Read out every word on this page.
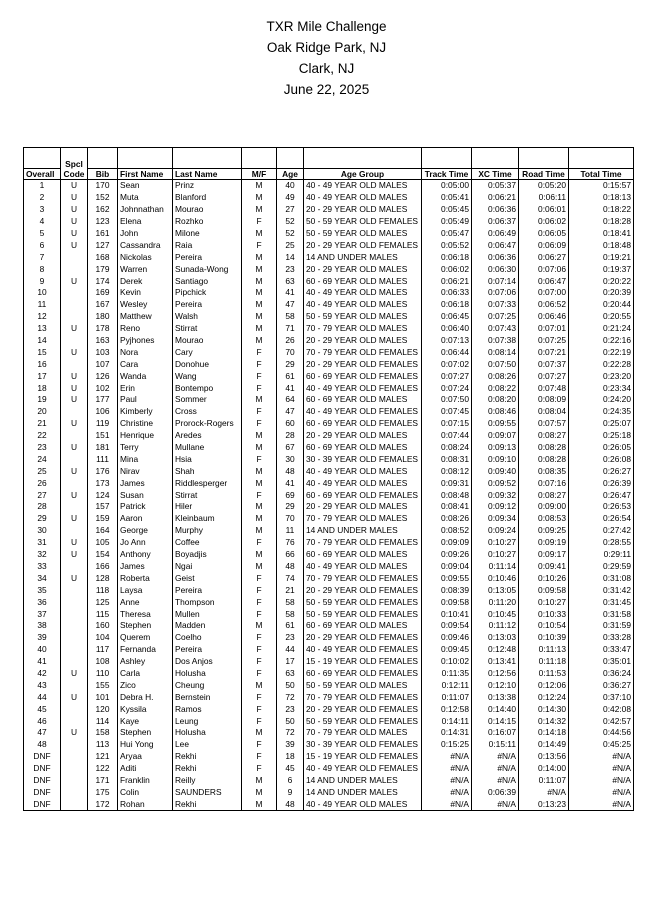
TXR Mile Challenge
Oak Ridge Park, NJ
Clark, NJ
June 22, 2025
	Spcl										
Overall	Code	Bib	First Name	Last Name	M/F	Age	Age Group	Track Time	XC Time	Road Time	Total Time
1	U	170	Sean	Prinz	M	40	40 - 49 YEAR OLD MALES	0:05:00	0:05:37	0:05:20	0:15:57
2	U	152	Muta	Blanford	M	49	40 - 49 YEAR OLD MALES	0:05:41	0:06:21	0:06:11	0:18:13
3	U	162	Johnnathan	Mourao	M	27	20 - 29 YEAR OLD MALES	0:05:45	0:06:36	0:06:01	0:18:22
4	U	123	Elena	Rozhko	F	52	50 - 59 YEAR OLD FEMALES	0:05:49	0:06:37	0:06:02	0:18:28
5	U	161	John	Milone	M	52	50 - 59 YEAR OLD MALES	0:05:47	0:06:49	0:06:05	0:18:41
6	U	127	Cassandra	Raia	F	25	20 - 29 YEAR OLD FEMALES	0:05:52	0:06:47	0:06:09	0:18:48
7		168	Nickolas	Pereira	M	14	14 AND UNDER MALES	0:06:18	0:06:36	0:06:27	0:19:21
8		179	Warren	Sunada-Wong	M	23	20 - 29 YEAR OLD MALES	0:06:02	0:06:30	0:07:06	0:19:37
9	U	174	Derek	Santiago	M	63	60 - 69 YEAR OLD MALES	0:06:21	0:07:14	0:06:47	0:20:22
10		169	Kevin	Pipchick	M	41	40 - 49 YEAR OLD MALES	0:06:33	0:07:06	0:07:00	0:20:39
11		167	Wesley	Pereira	M	47	40 - 49 YEAR OLD MALES	0:06:18	0:07:33	0:06:52	0:20:44
12		180	Matthew	Walsh	M	58	50 - 59 YEAR OLD MALES	0:06:45	0:07:25	0:06:46	0:20:55
13	U	178	Reno	Stirrat	M	71	70 - 79 YEAR OLD MALES	0:06:40	0:07:43	0:07:01	0:21:24
14		163	Pyjhones	Mourao	M	26	20 - 29 YEAR OLD MALES	0:07:13	0:07:38	0:07:25	0:22:16
15	U	103	Nora	Cary	F	70	70 - 79 YEAR OLD FEMALES	0:06:44	0:08:14	0:07:21	0:22:19
16		107	Cara	Donohue	F	29	20 - 29 YEAR OLD FEMALES	0:07:02	0:07:50	0:07:37	0:22:28
17	U	126	Wanda	Wang	F	61	60 - 69 YEAR OLD FEMALES	0:07:27	0:08:26	0:07:27	0:23:20
18	U	102	Erin	Bontempo	F	41	40 - 49 YEAR OLD FEMALES	0:07:24	0:08:22	0:07:48	0:23:34
19	U	177	Paul	Sommer	M	64	60 - 69 YEAR OLD MALES	0:07:50	0:08:20	0:08:09	0:24:20
20		106	Kimberly	Cross	F	47	40 - 49 YEAR OLD FEMALES	0:07:45	0:08:46	0:08:04	0:24:35
21	U	119	Christine	Prorock-Rogers	F	60	60 - 69 YEAR OLD FEMALES	0:07:15	0:09:55	0:07:57	0:25:07
22		151	Henrique	Aredes	M	28	20 - 29 YEAR OLD MALES	0:07:44	0:09:07	0:08:27	0:25:18
23	U	181	Terry	Mullane	M	67	60 - 69 YEAR OLD MALES	0:08:24	0:09:13	0:08:28	0:26:05
24		111	Mina	Hsia	F	30	30 - 39 YEAR OLD FEMALES	0:08:31	0:09:10	0:08:28	0:26:08
25	U	176	Nirav	Shah	M	48	40 - 49 YEAR OLD MALES	0:08:12	0:09:40	0:08:35	0:26:27
26		173	James	Riddlesperger	M	41	40 - 49 YEAR OLD MALES	0:09:31	0:09:52	0:07:16	0:26:39
27	U	124	Susan	Stirrat	F	69	60 - 69 YEAR OLD FEMALES	0:08:48	0:09:32	0:08:27	0:26:47
28		157	Patrick	Hiler	M	29	20 - 29 YEAR OLD MALES	0:08:41	0:09:12	0:09:00	0:26:53
29	U	159	Aaron	Kleinbaum	M	70	70 - 79 YEAR OLD MALES	0:08:26	0:09:34	0:08:53	0:26:54
30		164	George	Murphy	M	11	14 AND UNDER MALES	0:08:52	0:09:24	0:09:25	0:27:42
31	U	105	Jo Ann	Coffee	F	76	70 - 79 YEAR OLD FEMALES	0:09:09	0:10:27	0:09:19	0:28:55
32	U	154	Anthony	Boyadjis	M	66	60 - 69 YEAR OLD MALES	0:09:26	0:10:27	0:09:17	0:29:11
33		166	James	Ngai	M	48	40 - 49 YEAR OLD MALES	0:09:04	0:11:14	0:09:41	0:29:59
34	U	128	Roberta	Geist	F	74	70 - 79 YEAR OLD FEMALES	0:09:55	0:10:46	0:10:26	0:31:08
35		118	Laysa	Pereira	F	21	20 - 29 YEAR OLD FEMALES	0:08:39	0:13:05	0:09:58	0:31:42
36		125	Anne	Thompson	F	58	50 - 59 YEAR OLD FEMALES	0:09:58	0:11:20	0:10:27	0:31:45
37		115	Theresa	Mullen	F	58	50 - 59 YEAR OLD FEMALES	0:10:41	0:10:45	0:10:33	0:31:58
38		160	Stephen	Madden	M	61	60 - 69 YEAR OLD MALES	0:09:54	0:11:12	0:10:54	0:31:59
39		104	Querem	Coelho	F	23	20 - 29 YEAR OLD FEMALES	0:09:46	0:13:03	0:10:39	0:33:28
40		117	Fernanda	Pereira	F	44	40 - 49 YEAR OLD FEMALES	0:09:45	0:12:48	0:11:13	0:33:47
41		108	Ashley	Dos Anjos	F	17	15 - 19 YEAR OLD FEMALES	0:10:02	0:13:41	0:11:18	0:35:01
42	U	110	Carla	Holusha	F	63	60 - 69 YEAR OLD FEMALES	0:11:35	0:12:56	0:11:53	0:36:24
43		155	Zico	Cheung	M	50	50 - 59 YEAR OLD MALES	0:12:11	0:12:10	0:12:06	0:36:27
44	U	101	Debra H.	Bernstein	F	72	70 - 79 YEAR OLD FEMALES	0:11:07	0:13:38	0:12:24	0:37:10
45		120	Kyssila	Ramos	F	23	20 - 29 YEAR OLD FEMALES	0:12:58	0:14:40	0:14:30	0:42:08
46		114	Kaye	Leung	F	50	50 - 59 YEAR OLD FEMALES	0:14:11	0:14:15	0:14:32	0:42:57
47	U	158	Stephen	Holusha	M	72	70 - 79 YEAR OLD MALES	0:14:31	0:16:07	0:14:18	0:44:56
48		113	Hui Yong	Lee	F	39	30 - 39 YEAR OLD FEMALES	0:15:25	0:15:11	0:14:49	0:45:25
DNF		121	Aryaa	Rekhi	F	18	15 - 19 YEAR OLD FEMALES	#N/A	#N/A	0:13:56	#N/A
DNF		122	Aditi	Rekhi	F	45	40 - 49 YEAR OLD FEMALES	#N/A	#N/A	0:14:00	#N/A
DNF		171	Franklin	Reilly	M	6	14 AND UNDER MALES	#N/A	#N/A	0:11:07	#N/A
DNF		175	Colin	SAUNDERS	M	9	14 AND UNDER MALES	#N/A	0:06:39	#N/A	#N/A
DNF		172	Rohan	Rekhi	M	48	40 - 49 YEAR OLD MALES	#N/A	#N/A	0:13:23	#N/A
